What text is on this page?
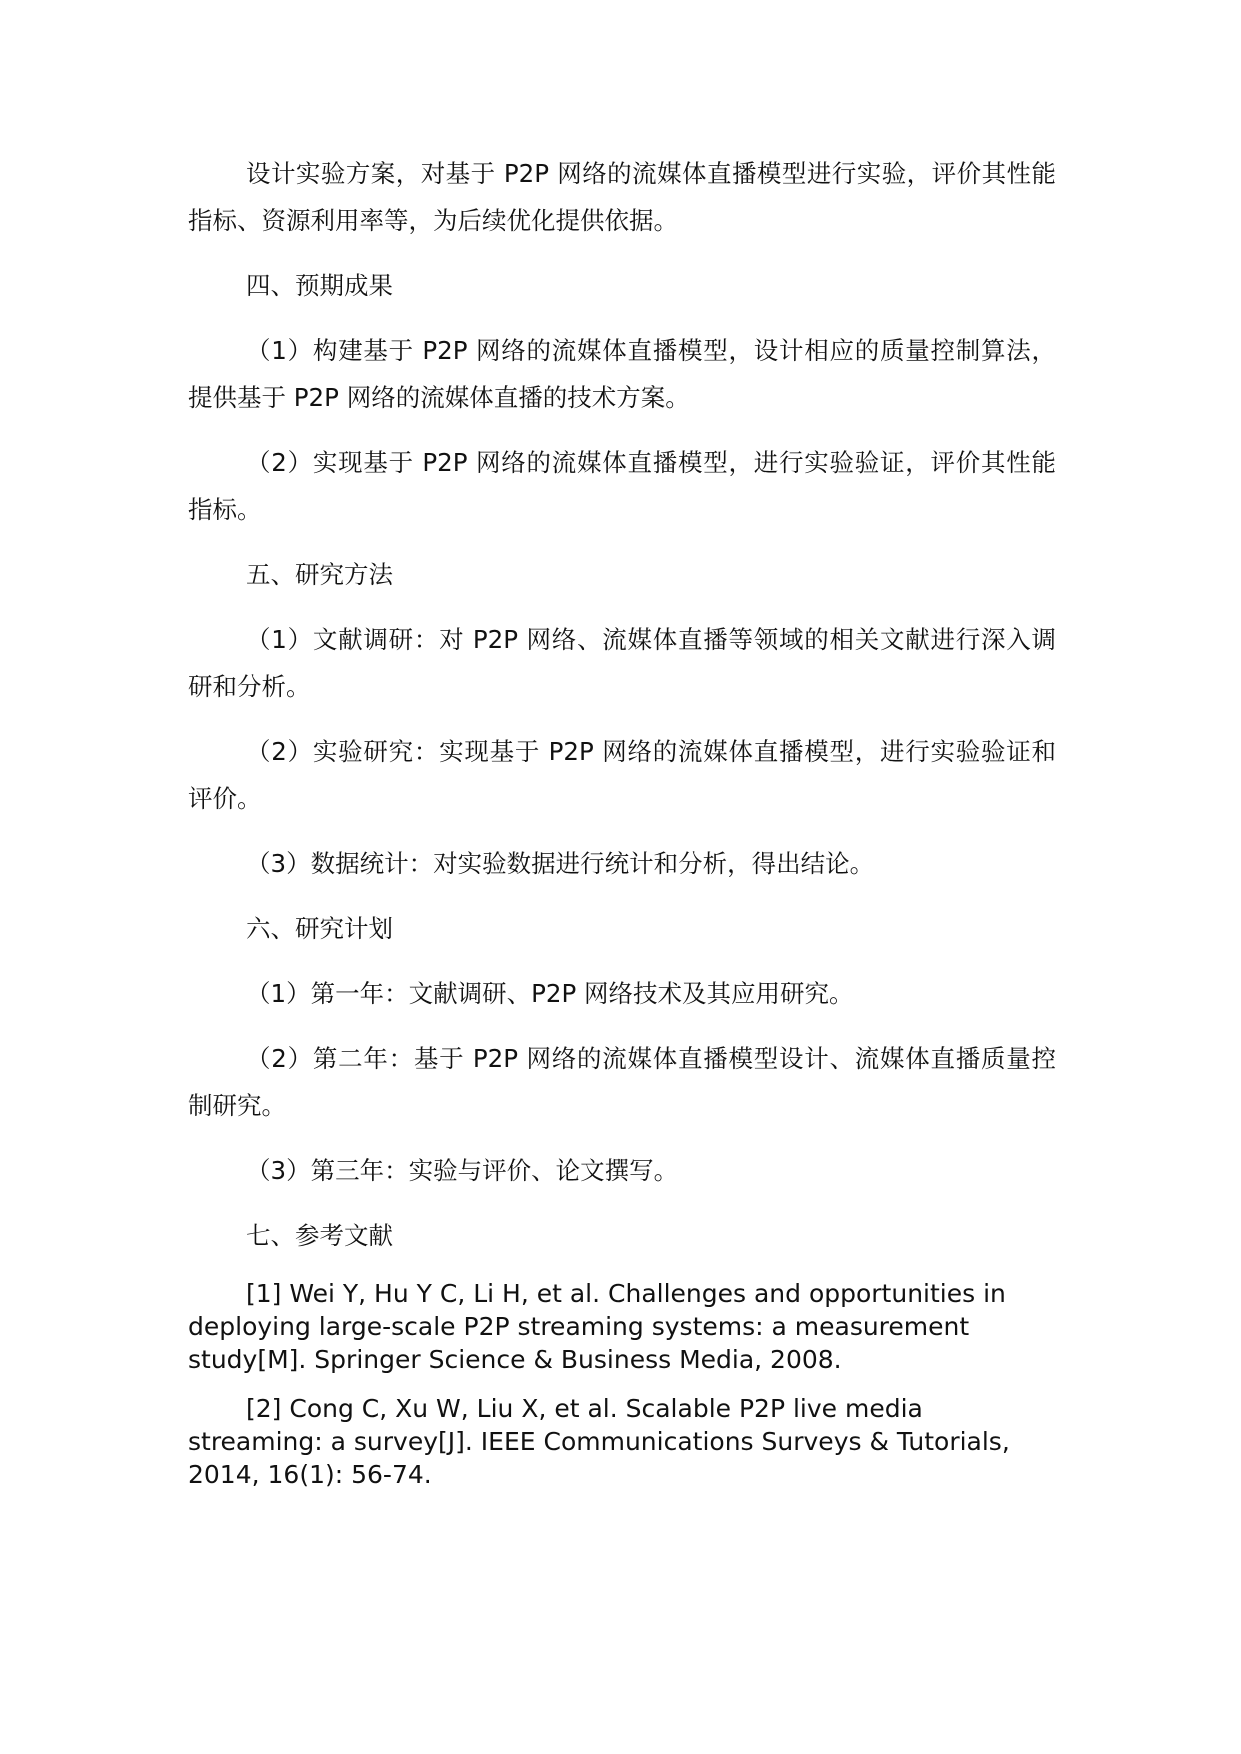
设计实验方案，对基于 P2P 网络的流媒体直播模型进行实验，评价其性能指标、资源利用率等，为后续优化提供依据。

四、预期成果

（1）构建基于 P2P 网络的流媒体直播模型，设计相应的质量控制算法，提供基于 P2P 网络的流媒体直播的技术方案。

（2）实现基于 P2P 网络的流媒体直播模型，进行实验验证，评价其性能指标。

五、研究方法

（1）文献调研：对 P2P 网络、流媒体直播等领域的相关文献进行深入调研和分析。

（2）实验研究：实现基于 P2P 网络的流媒体直播模型，进行实验验证和评价。

（3）数据统计：对实验数据进行统计和分析，得出结论。

六、研究计划

（1）第一年：文献调研、P2P 网络技术及其应用研究。

（2）第二年：基于 P2P 网络的流媒体直播模型设计、流媒体直播质量控制研究。

（3）第三年：实验与评价、论文撰写。

七、参考文献

[1] Wei Y, Hu Y C, Li H, et al. Challenges and opportunities in deploying large-scale P2P streaming systems: a measurement study[M]. Springer Science & Business Media, 2008.

[2] Cong C, Xu W, Liu X, et al. Scalable P2P live media streaming: a survey[J]. IEEE Communications Surveys & Tutorials, 2014, 16(1): 56-74.
